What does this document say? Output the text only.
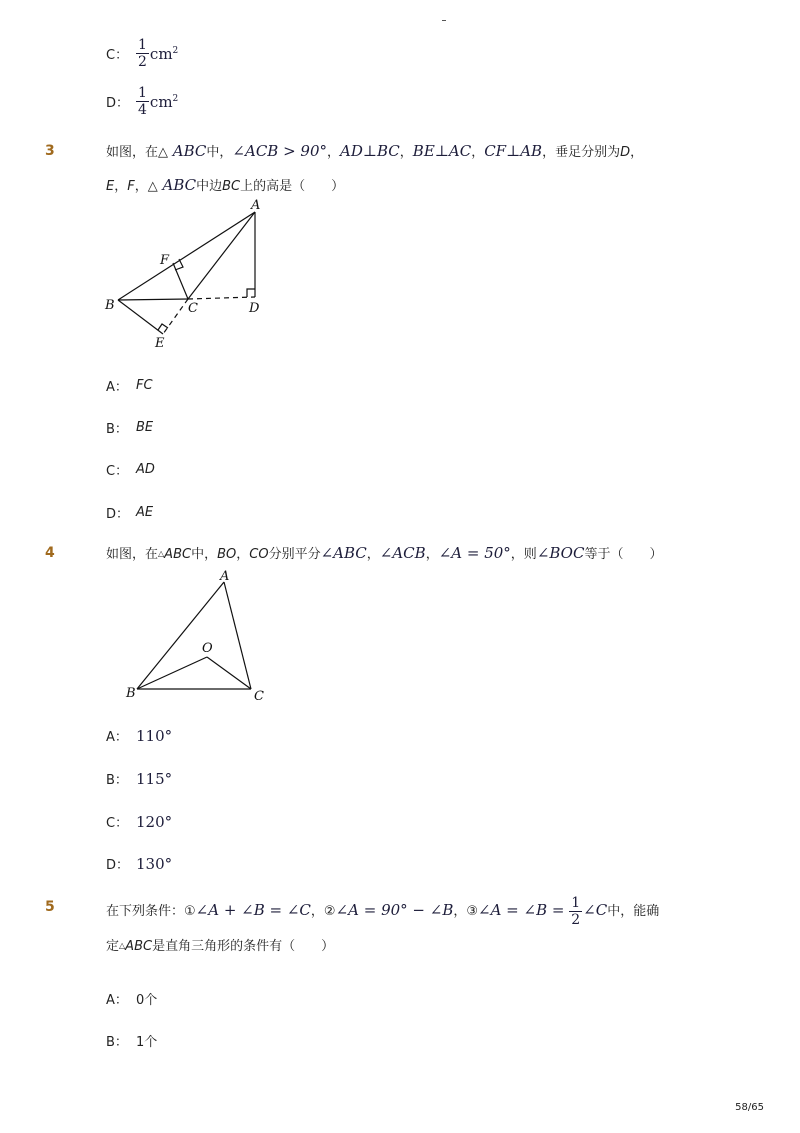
C： $\frac{1}{2} cm^2$
D： $\frac{1}{4} cm^2$
3	如图，在△ ABC中，∠ACB > 90°，AD⊥BC，BE⊥AC，CF⊥AB，垂足分别为D，
E，F，△ ABC中边BC上的高是（　　）
A
B	C	D
E
F
A： FC
B： BE
C： AD
D： AE
4	如图，在△ABC中，BO，CO分别平分∠ABC，∠ACB，∠A = 50°，则∠BOC等于（　　）
A
B	C
O
A： 110°
B： 115°
C： 120°
D： 130°
5	在下列条件：①∠A + ∠B = ∠C，②∠A = 90° − ∠B，③∠A = ∠B = $\frac{1}{2}$ ∠C中，能确
定△ABC是直角三角形的条件有（　　）
A： 0个
B： 1个
58/65
